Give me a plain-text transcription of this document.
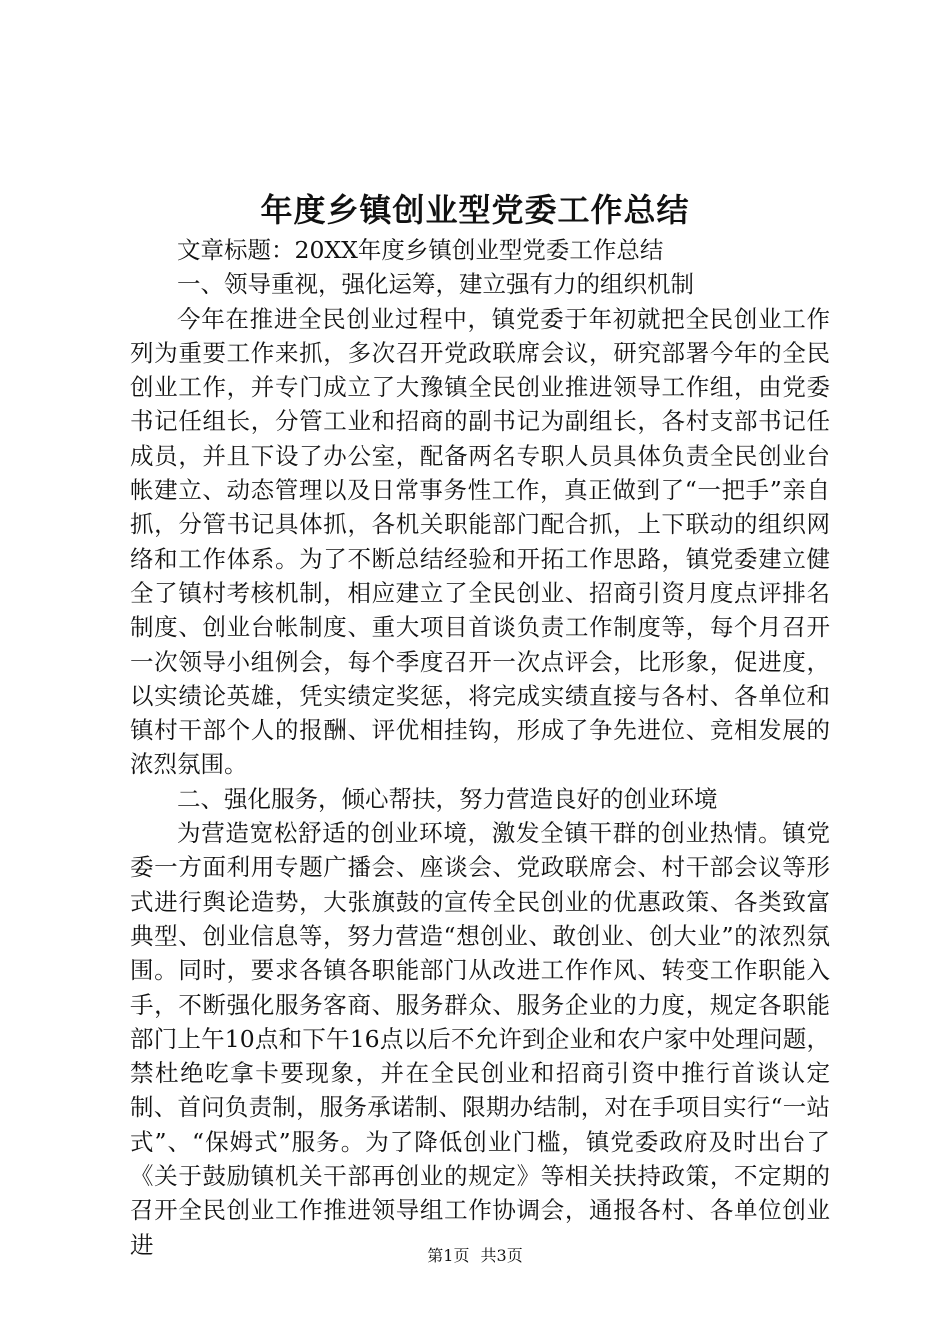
年度乡镇创业型党委工作总结

文章标题：20XX年度乡镇创业型党委工作总结

一、领导重视，强化运筹，建立强有力的组织机制

今年在推进全民创业过程中，镇党委于年初就把全民创业工作列为重要工作来抓，多次召开党政联席会议，研究部署今年的全民创业工作，并专门成立了大豫镇全民创业推进领导工作组，由党委书记任组长，分管工业和招商的副书记为副组长，各村支部书记任成员，并且下设了办公室，配备两名专职人员具体负责全民创业台帐建立、动态管理以及日常事务性工作，真正做到了“一把手”亲自抓，分管书记具体抓，各机关职能部门配合抓，上下联动的组织网络和工作体系。为了不断总结经验和开拓工作思路，镇党委建立健全了镇村考核机制，相应建立了全民创业、招商引资月度点评排名制度、创业台帐制度、重大项目首谈负责工作制度等，每个月召开一次领导小组例会，每个季度召开一次点评会，比形象，促进度，以实绩论英雄，凭实绩定奖惩，将完成实绩直接与各村、各单位和镇村干部个人的报酬、评优相挂钩，形成了争先进位、竞相发展的浓烈氛围。

二、强化服务，倾心帮扶，努力营造良好的创业环境

为营造宽松舒适的创业环境，激发全镇干群的创业热情。镇党委一方面利用专题广播会、座谈会、党政联席会、村干部会议等形式进行舆论造势，大张旗鼓的宣传全民创业的优惠政策、各类致富典型、创业信息等，努力营造“想创业、敢创业、创大业”的浓烈氛围。同时，要求各镇各职能部门从改进工作作风、转变工作职能入手，不断强化服务客商、服务群众、服务企业的力度，规定各职能部门上午10点和下午16点以后不允许到企业和农户家中处理问题，禁杜绝吃拿卡要现象，并在全民创业和招商引资中推行首谈认定制、首问负责制，服务承诺制、限期办结制，对在手项目实行“一站式”、“保姆式”服务。为了降低创业门槛，镇党委政府及时出台了《关于鼓励镇机关干部再创业的规定》等相关扶持政策，不定期的召开全民创业工作推进领导组工作协调会，通报各村、各单位创业进	第1页 共3页
